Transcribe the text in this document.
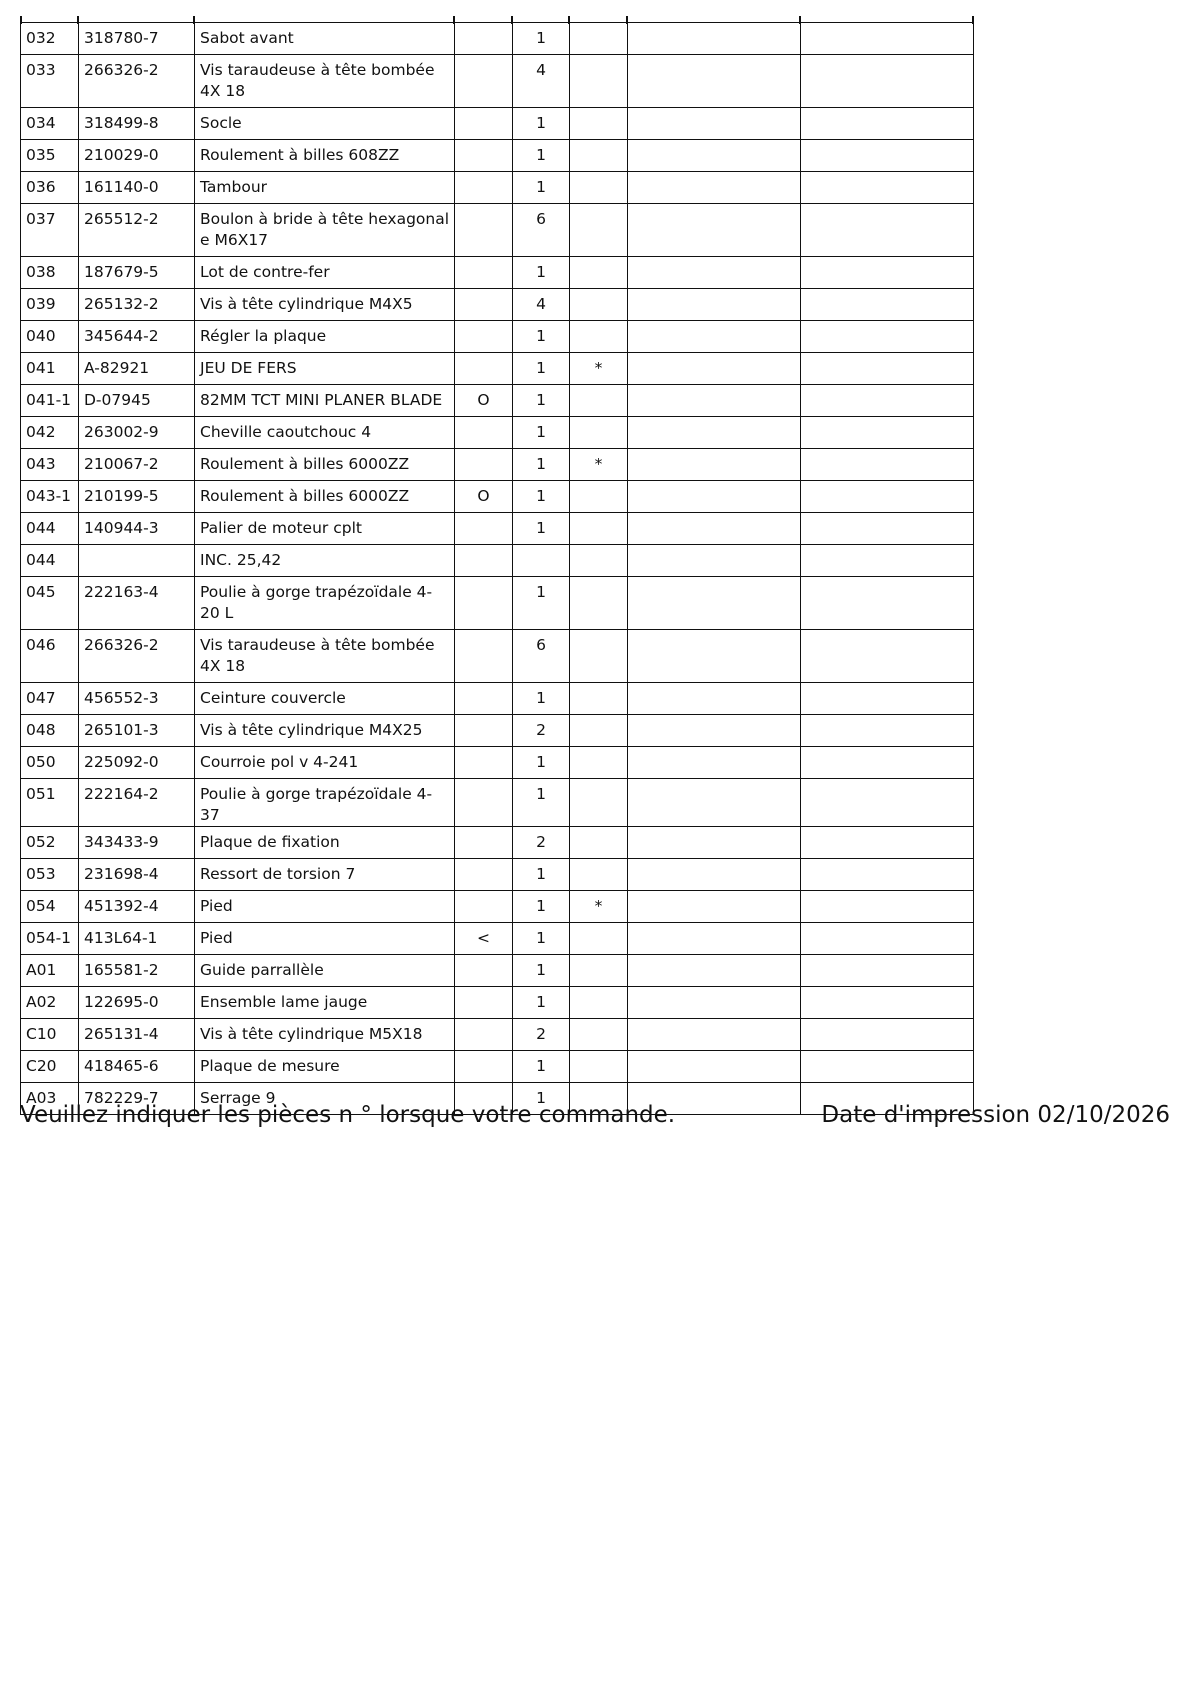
032	318780-7	Sabot avant		1			
033	266326-2	Vis taraudeuse à tête bombée 4X 18		4			
034	318499-8	Socle		1			
035	210029-0	Roulement à billes 608ZZ		1			
036	161140-0	Tambour		1			
037	265512-2	Boulon à bride à tête hexagonal e M6X17		6			
038	187679-5	Lot de contre-fer		1			
039	265132-2	Vis à tête cylindrique M4X5		4			
040	345644-2	Régler la plaque		1			
041	A-82921	JEU DE FERS		1	*		
041-1	D-07945	82MM TCT MINI PLANER BLADE	O	1			
042	263002-9	Cheville caoutchouc 4		1			
043	210067-2	Roulement à billes 6000ZZ		1	*		
043-1	210199-5	Roulement à billes 6000ZZ	O	1			
044	140944-3	Palier de moteur cplt		1			
044		INC. 25,42					
045	222163-4	Poulie à gorge trapézoïdale 4-20 L		1			
046	266326-2	Vis taraudeuse à tête bombée 4X 18		6			
047	456552-3	Ceinture couvercle		1			
048	265101-3	Vis à tête cylindrique M4X25		2			
050	225092-0	Courroie pol v 4-241		1			
051	222164-2	Poulie à gorge trapézoïdale 4-37		1			
052	343433-9	Plaque de fixation		2			
053	231698-4	Ressort de torsion 7		1			
054	451392-4	Pied		1	*		
054-1	413L64-1	Pied	<	1			
A01	165581-2	Guide parrallèle		1			
A02	122695-0	Ensemble lame jauge		1			
C10	265131-4	Vis à tête cylindrique M5X18		2			
C20	418465-6	Plaque de mesure		1			
A03	782229-7	Serrage 9		1			
Veuillez indiquer les pièces n ° lorsque votre commande.	Date d'impression 02/10/2026
